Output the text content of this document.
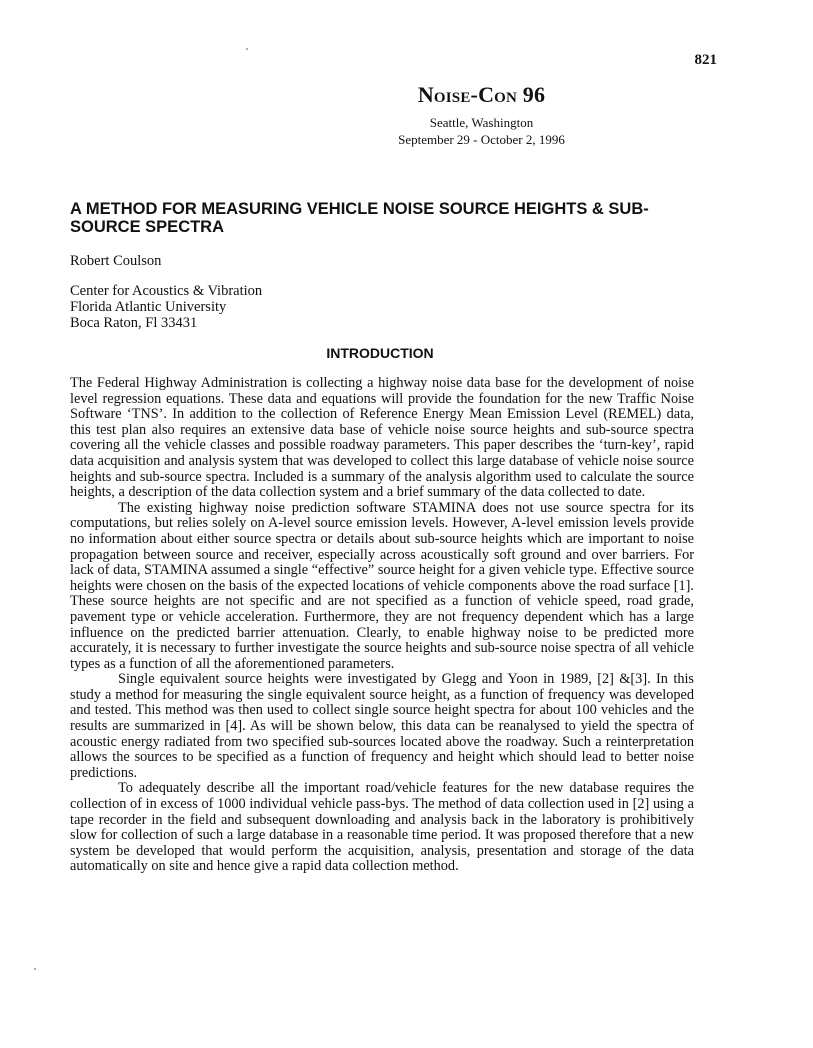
821
Noise-Con 96
Seattle, Washington
September 29 - October 2, 1996
A METHOD FOR MEASURING VEHICLE NOISE SOURCE HEIGHTS & SUB-SOURCE SPECTRA
Robert Coulson
Center for Acoustics & Vibration
Florida Atlantic University
Boca Raton, Fl 33431
INTRODUCTION

The Federal Highway Administration is collecting a highway noise data base for the development of noise level regression equations. These data and equations will provide the foundation for the new Traffic Noise Software ‘TNS’. In addition to the collection of Reference Energy Mean Emission Level (REMEL) data, this test plan also requires an extensive data base of vehicle noise source heights and sub-source spectra covering all the vehicle classes and possible roadway parameters. This paper describes the ‘turn-key’, rapid data acquisition and analysis system that was developed to collect this large database of vehicle noise source heights and sub-source spectra. Included is a summary of the analysis algorithm used to calculate the source heights, a description of the data collection system and a brief summary of the data collected to date.

The existing highway noise prediction software STAMINA does not use source spectra for its computations, but relies solely on A-level source emission levels. However, A-level emission levels provide no information about either source spectra or details about sub-source heights which are important to noise propagation between source and receiver, especially across acoustically soft ground and over barriers. For lack of data, STAMINA assumed a single “effective” source height for a given vehicle type. Effective source heights were chosen on the basis of the expected locations of vehicle components above the road surface [1]. These source heights are not specific and are not specified as a function of vehicle speed, road grade, pavement type or vehicle acceleration. Furthermore, they are not frequency dependent which has a large influence on the predicted barrier attenuation. Clearly, to enable highway noise to be predicted more accurately, it is necessary to further investigate the source heights and sub-source noise spectra of all vehicle types as a function of all the aforementioned parameters.

Single equivalent source heights were investigated by Glegg and Yoon in 1989, [2] &[3]. In this study a method for measuring the single equivalent source height, as a function of frequency was developed and tested. This method was then used to collect single source height spectra for about 100 vehicles and the results are summarized in [4]. As will be shown below, this data can be reanalysed to yield the spectra of acoustic energy radiated from two specified sub-sources located above the roadway. Such a reinterpretation allows the sources to be specified as a function of frequency and height which should lead to better noise predictions.

To adequately describe all the important road/vehicle features for the new database requires the collection of in excess of 1000 individual vehicle pass-bys. The method of data collection used in [2] using a tape recorder in the field and subsequent downloading and analysis back in the laboratory is prohibitively slow for collection of such a large database in a reasonable time period. It was proposed therefore that a new system be developed that would perform the acquisition, analysis, presentation and storage of the data automatically on site and hence give a rapid data collection method.
